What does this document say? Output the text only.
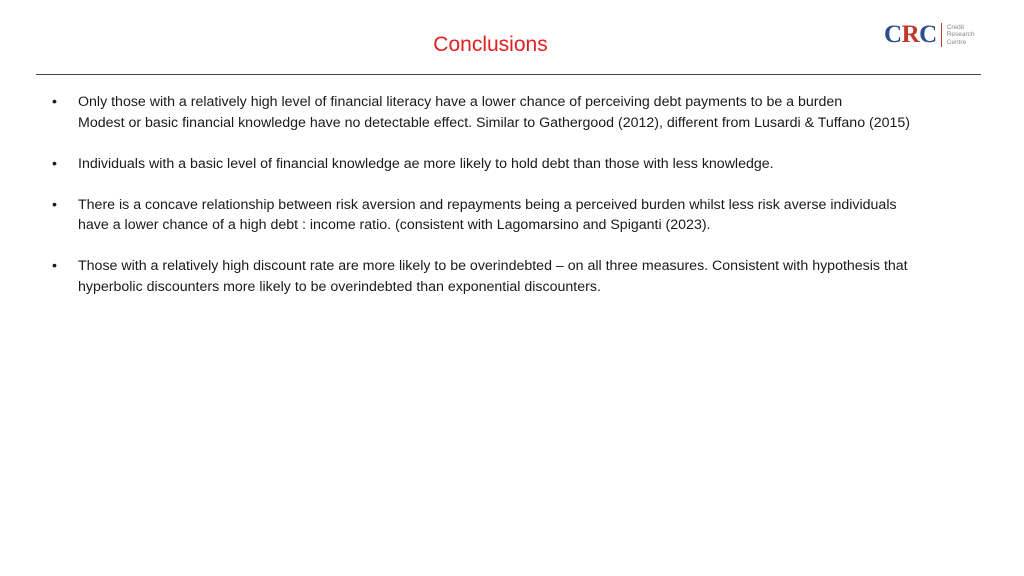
Conclusions	CRC Credit
Research
Centre
• Only those with a relatively high level of financial literacy have a lower chance of perceiving debt payments to be a burden
Modest or basic financial knowledge have no detectable effect. Similar to Gathergood (2012), different from Lusardi & Tuffano (2015)
• Individuals with a basic level of financial knowledge ae more likely to hold debt than those with less knowledge.
• There is a concave relationship between risk aversion and repayments being a perceived burden whilst less risk averse individuals
have a lower chance of a high debt : income ratio. (consistent with Lagomarsino and Spiganti (2023).
• Those with a relatively high discount rate are more likely to be overindebted – on all three measures. Consistent with hypothesis that
hyperbolic discounters more likely to be overindebted than exponential discounters.
